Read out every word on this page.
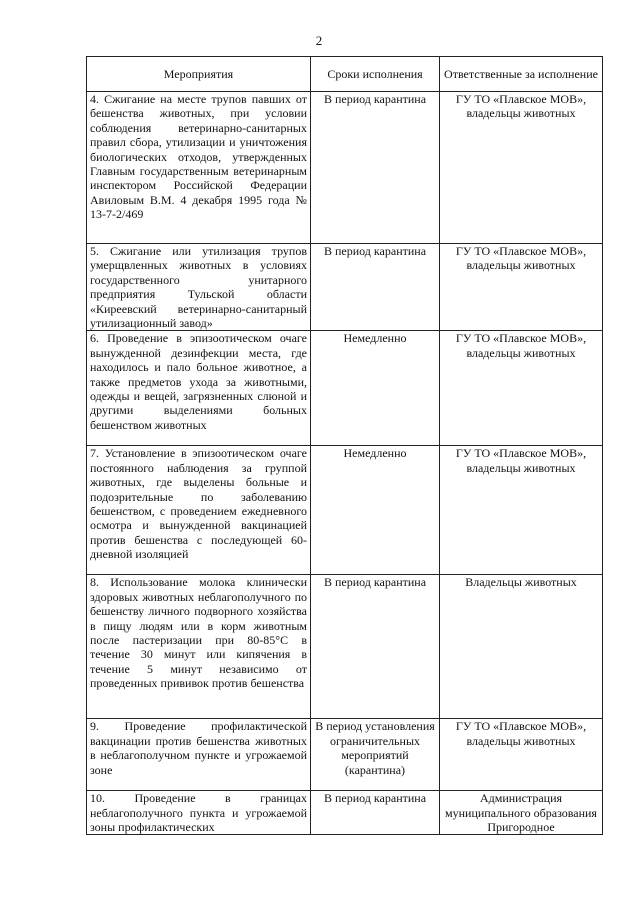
2
Мероприятия	Сроки исполнения	Ответственные за исполнение
4. Сжигание на месте трупов павших от бешенства животных, при условии соблюдения ветеринарно-санитарных правил сбора, утилизации и уничтожения биологических отходов, утвержденных Главным государственным ветеринарным инспектором Российской Федерации Авиловым В.М. 4 декабря 1995 года № 13-7-2/469	В период карантина	ГУ ТО «Плавское МОВ», владельцы животных
5. Сжигание или утилизация трупов умерщвленных животных в условиях государственного унитарного предприятия Тульской области «Киреевский ветеринарно-санитарный утилизационный завод»	В период карантина	ГУ ТО «Плавское МОВ», владельцы животных
6. Проведение в эпизоотическом очаге вынужденной дезинфекции места, где находилось и пало больное животное, а также предметов ухода за животными, одежды и вещей, загрязненных слюной и другими выделениями больных бешенством животных	Немедленно	ГУ ТО «Плавское МОВ», владельцы животных
7. Установление в эпизоотическом очаге постоянного наблюдения за группой животных, где выделены больные и подозрительные по заболеванию бешенством, с проведением ежедневного осмотра и вынужденной вакцинацией против бешенства с последующей 60-дневной изоляцией	Немедленно	ГУ ТО «Плавское МОВ», владельцы животных
8. Использование молока клинически здоровых животных неблагополучного по бешенству личного подворного хозяйства в пищу людям или в корм животным после пастеризации при 80-85°С в течение 30 минут или кипячения в течение 5 минут независимо от проведенных прививок против бешенства	В период карантина	Владельцы животных
9. Проведение профилактической вакцинации против бешенства животных в неблагополучном пункте и угрожаемой зоне	В период установления ограничительных мероприятий (карантина)	ГУ ТО «Плавское МОВ», владельцы животных

10. Проведение в границах неблагополучного пункта и угрожаемой зоны профилактических	В период карантина	Администрация муниципального образования Пригородное
